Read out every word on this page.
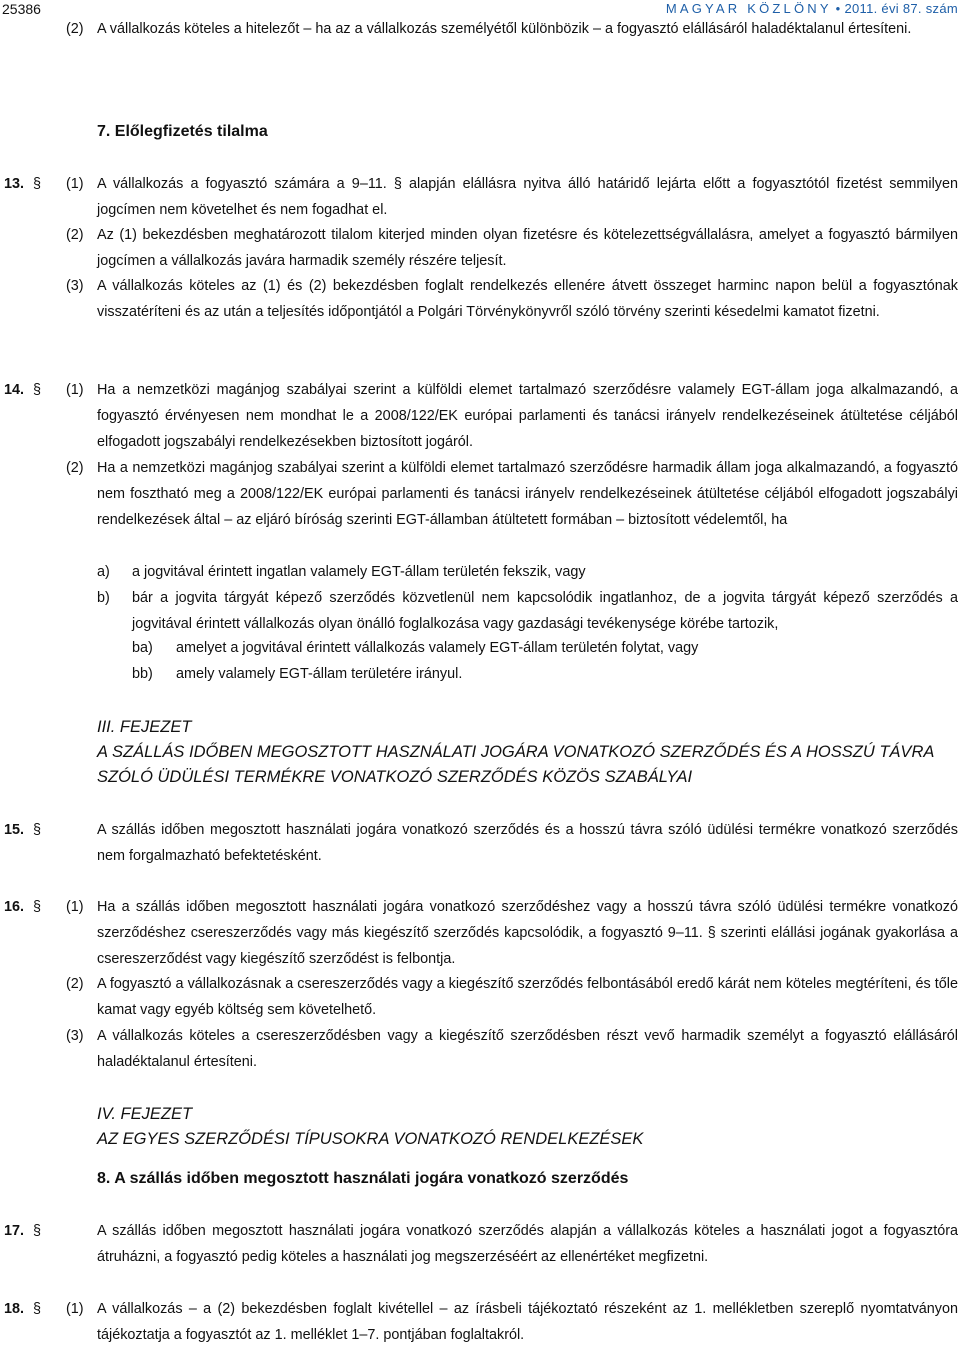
25386	MAGYAR KÖZLÖNY • 2011. évi 87. szám
(2) A vállalkozás köteles a hitelezőt – ha az a vállalkozás személyétől különbözik – a fogyasztó elállásáról haladéktalanul értesíteni.
7. Előlegfizetés tilalma
13. § (1) A vállalkozás a fogyasztó számára a 9–11. § alapján elállásra nyitva álló határidő lejárta előtt a fogyasztótól fizetést semmilyen jogcímen nem követelhet és nem fogadhat el.
(2) Az (1) bekezdésben meghatározott tilalom kiterjed minden olyan fizetésre és kötelezettségvállalásra, amelyet a fogyasztó bármilyen jogcímen a vállalkozás javára harmadik személy részére teljesít.
(3) A vállalkozás köteles az (1) és (2) bekezdésben foglalt rendelkezés ellenére átvett összeget harminc napon belül a fogyasztónak visszatéríteni és az után a teljesítés időpontjától a Polgári Törvénykönyvről szóló törvény szerinti késedelmi kamatot fizetni.
14. § (1) Ha a nemzetközi magánjog szabályai szerint a külföldi elemet tartalmazó szerződésre valamely EGT-állam joga alkalmazandó, a fogyasztó érvényesen nem mondhat le a 2008/122/EK európai parlamenti és tanácsi irányelv rendelkezéseinek átültetése céljából elfogadott jogszabályi rendelkezésekben biztosított jogáról.
(2) Ha a nemzetközi magánjog szabályai szerint a külföldi elemet tartalmazó szerződésre harmadik állam joga alkalmazandó, a fogyasztó nem fosztható meg a 2008/122/EK európai parlamenti és tanácsi irányelv rendelkezéseinek átültetése céljából elfogadott jogszabályi rendelkezések által – az eljáró bíróság szerinti EGT-államban átültetett formában – biztosított védelemtől, ha
a) a jogvitával érintett ingatlan valamely EGT-állam területén fekszik, vagy
b) bár a jogvita tárgyát képező szerződés közvetlenül nem kapcsolódik ingatlanhoz, de a jogvita tárgyát képező szerződés a jogvitával érintett vállalkozás olyan önálló foglalkozása vagy gazdasági tevékenysége körébe tartozik,
ba) amelyet a jogvitával érintett vállalkozás valamely EGT-állam területén folytat, vagy
bb) amely valamely EGT-állam területére irányul.
III. FEJEZET
A SZÁLLÁS IDŐBEN MEGOSZTOTT HASZNÁLATI JOGÁRA VONATKOZÓ SZERZŐDÉS ÉS A HOSSZÚ TÁVRA
SZÓLÓ ÜDÜLÉSI TERMÉKRE VONATKOZÓ SZERZŐDÉS KÖZÖS SZABÁLYAI
15. §	A szállás időben megosztott használati jogára vonatkozó szerződés és a hosszú távra szóló üdülési termékre vonatkozó szerződés nem forgalmazható befektetésként.
16. § (1) Ha a szállás időben megosztott használati jogára vonatkozó szerződéshez vagy a hosszú távra szóló üdülési termékre vonatkozó szerződéshez csereszerződés vagy más kiegészítő szerződés kapcsolódik, a fogyasztó 9–11. § szerinti elállási jogának gyakorlása a csereszerződést vagy kiegészítő szerződést is felbontja.
(2) A fogyasztó a vállalkozásnak a csereszerződés vagy a kiegészítő szerződés felbontásából eredő kárát nem köteles megtéríteni, és tőle kamat vagy egyéb költség sem követelhető.
(3) A vállalkozás köteles a csereszerződésben vagy a kiegészítő szerződésben részt vevő harmadik személyt a fogyasztó elállásáról haladéktalanul értesíteni.
IV. FEJEZET
AZ EGYES SZERZŐDÉSI TÍPUSOKRA VONATKOZÓ RENDELKEZÉSEK
8. A szállás időben megosztott használati jogára vonatkozó szerződés
17. §	A szállás időben megosztott használati jogára vonatkozó szerződés alapján a vállalkozás köteles a használati jogot a fogyasztóra átruházni, a fogyasztó pedig köteles a használati jog megszerzéséért az ellenértéket megfizetni.
18. § (1) A vállalkozás – a (2) bekezdésben foglalt kivétellel – az írásbeli tájékoztató részeként az 1. mellékletben szereplő nyomtatványon tájékoztatja a fogyasztót az 1. melléklet 1–7. pontjában foglaltakról.
